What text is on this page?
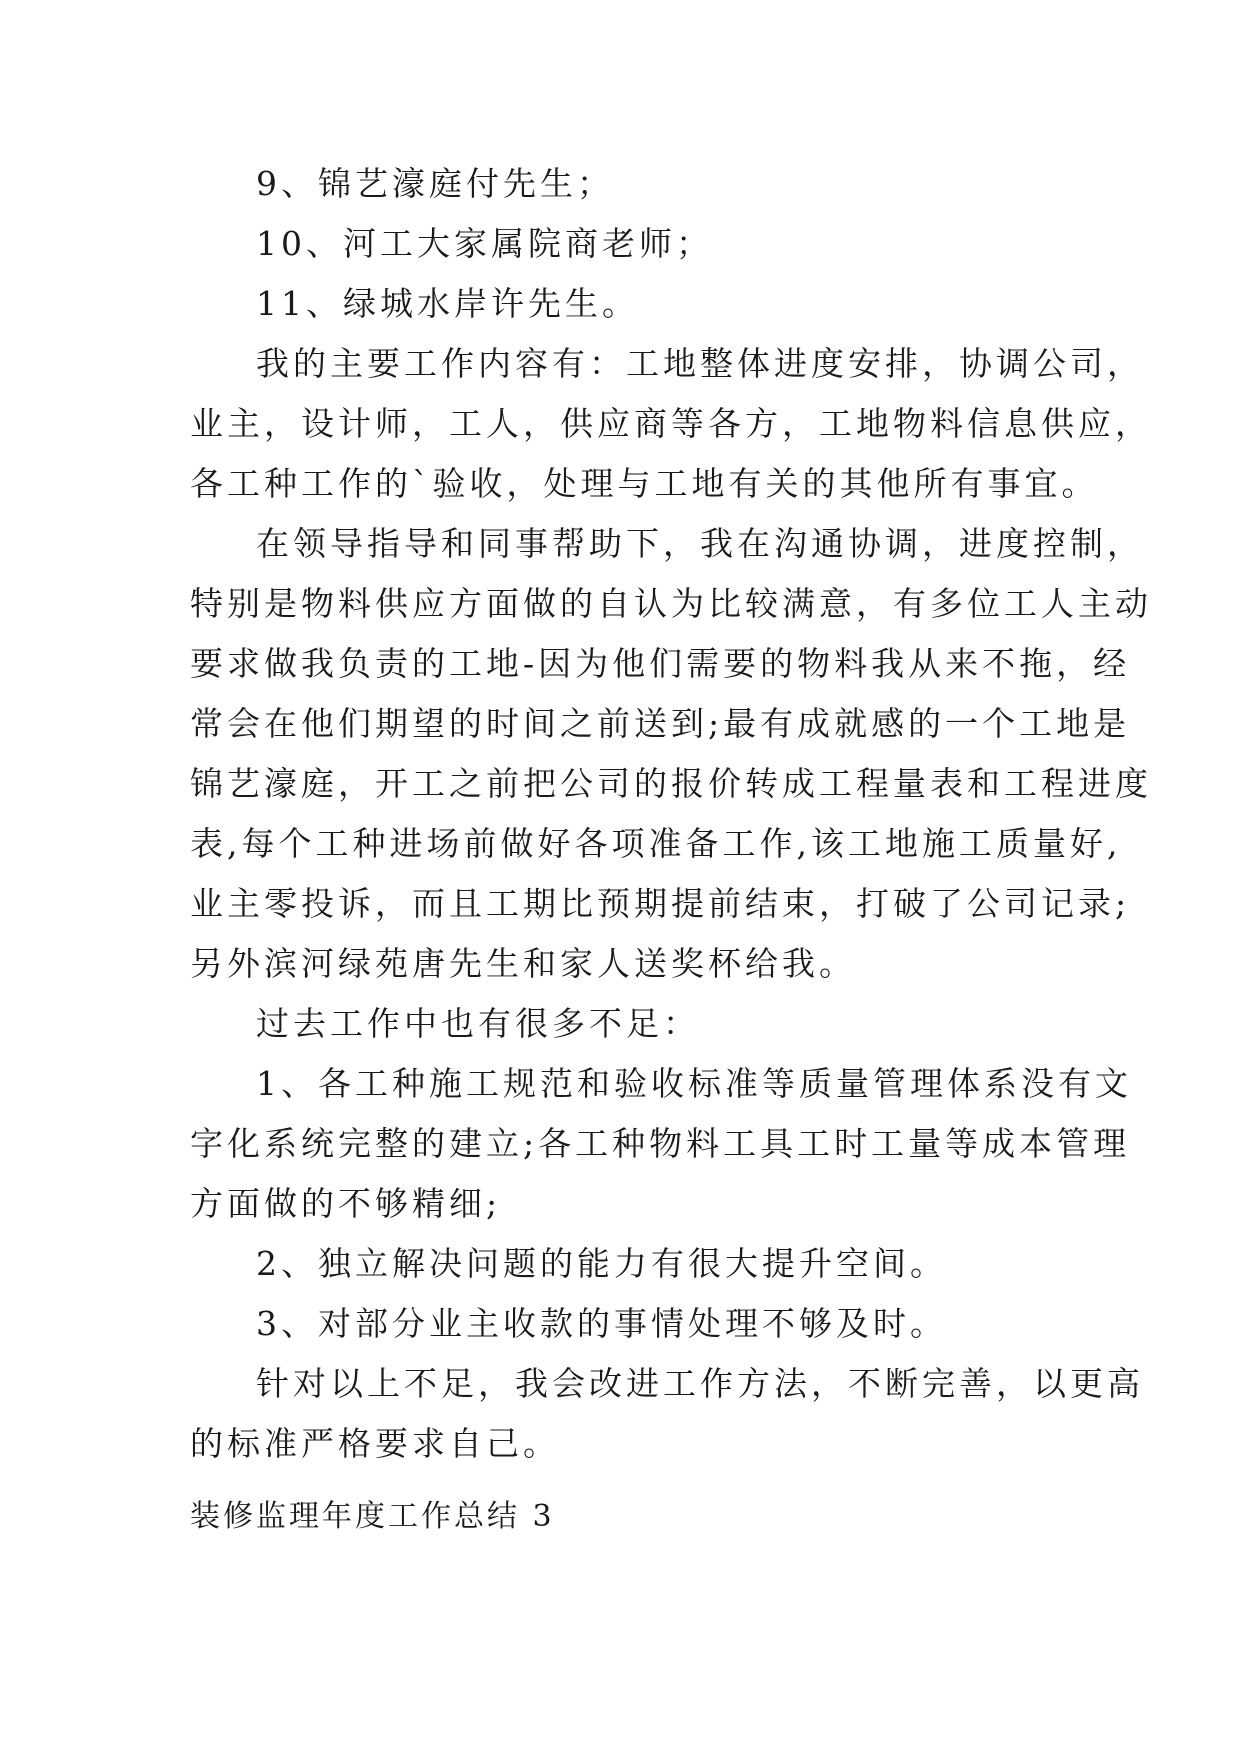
9、锦艺濠庭付先生；
10、河工大家属院商老师；
11、绿城水岸许先生。
我的主要工作内容有：工地整体进度安排，协调公司，
业主，设计师，工人，供应商等各方，工地物料信息供应，
各工种工作的`验收，处理与工地有关的其他所有事宜。
在领导指导和同事帮助下，我在沟通协调，进度控制，
特别是物料供应方面做的自认为比较满意，有多位工人主动
要求做我负责的工地-因为他们需要的物料我从来不拖，经
常会在他们期望的时间之前送到;最有成就感的一个工地是
锦艺濠庭，开工之前把公司的报价转成工程量表和工程进度
表,每个工种进场前做好各项准备工作,该工地施工质量好,
业主零投诉，而且工期比预期提前结束，打破了公司记录;
另外滨河绿苑唐先生和家人送奖杯给我。
过去工作中也有很多不足：
1、各工种施工规范和验收标准等质量管理体系没有文
字化系统完整的建立;各工种物料工具工时工量等成本管理
方面做的不够精细;
2、独立解决问题的能力有很大提升空间。
3、对部分业主收款的事情处理不够及时。
针对以上不足，我会改进工作方法，不断完善，以更高
的标准严格要求自己。
装修监理年度工作总结 3
